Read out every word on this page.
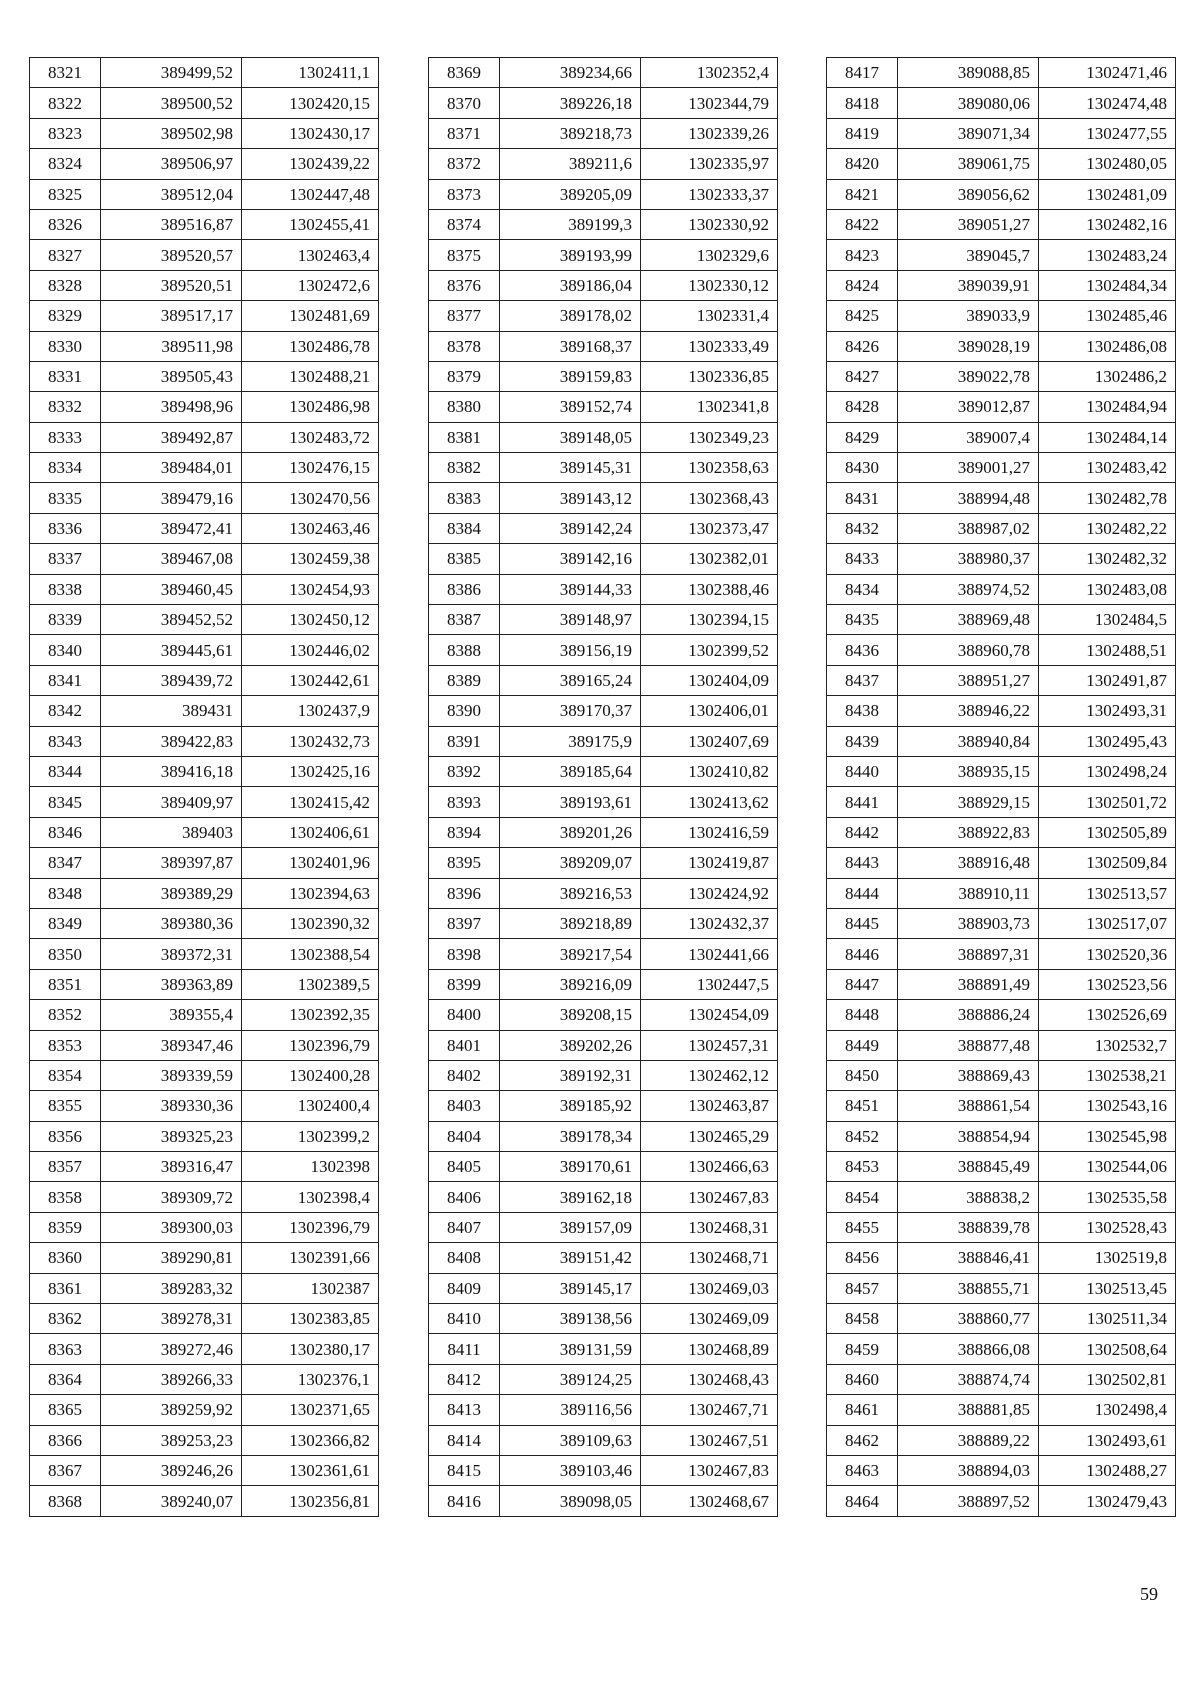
8321	389499,52	1302411,1
8322	389500,52	1302420,15
8323	389502,98	1302430,17
8324	389506,97	1302439,22
8325	389512,04	1302447,48
8326	389516,87	1302455,41
8327	389520,57	1302463,4
8328	389520,51	1302472,6
8329	389517,17	1302481,69
8330	389511,98	1302486,78
8331	389505,43	1302488,21
8332	389498,96	1302486,98
8333	389492,87	1302483,72
8334	389484,01	1302476,15
8335	389479,16	1302470,56
8336	389472,41	1302463,46
8337	389467,08	1302459,38
8338	389460,45	1302454,93
8339	389452,52	1302450,12
8340	389445,61	1302446,02
8341	389439,72	1302442,61
8342	389431	1302437,9
8343	389422,83	1302432,73
8344	389416,18	1302425,16
8345	389409,97	1302415,42
8346	389403	1302406,61
8347	389397,87	1302401,96
8348	389389,29	1302394,63
8349	389380,36	1302390,32
8350	389372,31	1302388,54
8351	389363,89	1302389,5
8352	389355,4	1302392,35
8353	389347,46	1302396,79
8354	389339,59	1302400,28
8355	389330,36	1302400,4
8356	389325,23	1302399,2
8357	389316,47	1302398
8358	389309,72	1302398,4
8359	389300,03	1302396,79
8360	389290,81	1302391,66
8361	389283,32	1302387
8362	389278,31	1302383,85
8363	389272,46	1302380,17
8364	389266,33	1302376,1
8365	389259,92	1302371,65
8366	389253,23	1302366,82
8367	389246,26	1302361,61
8368	389240,07	1302356,81
8369	389234,66	1302352,4
8370	389226,18	1302344,79
8371	389218,73	1302339,26
8372	389211,6	1302335,97
8373	389205,09	1302333,37
8374	389199,3	1302330,92
8375	389193,99	1302329,6
8376	389186,04	1302330,12
8377	389178,02	1302331,4
8378	389168,37	1302333,49
8379	389159,83	1302336,85
8380	389152,74	1302341,8
8381	389148,05	1302349,23
8382	389145,31	1302358,63
8383	389143,12	1302368,43
8384	389142,24	1302373,47
8385	389142,16	1302382,01
8386	389144,33	1302388,46
8387	389148,97	1302394,15
8388	389156,19	1302399,52
8389	389165,24	1302404,09
8390	389170,37	1302406,01
8391	389175,9	1302407,69
8392	389185,64	1302410,82
8393	389193,61	1302413,62
8394	389201,26	1302416,59
8395	389209,07	1302419,87
8396	389216,53	1302424,92
8397	389218,89	1302432,37
8398	389217,54	1302441,66
8399	389216,09	1302447,5
8400	389208,15	1302454,09
8401	389202,26	1302457,31
8402	389192,31	1302462,12
8403	389185,92	1302463,87
8404	389178,34	1302465,29
8405	389170,61	1302466,63
8406	389162,18	1302467,83
8407	389157,09	1302468,31
8408	389151,42	1302468,71
8409	389145,17	1302469,03
8410	389138,56	1302469,09
8411	389131,59	1302468,89
8412	389124,25	1302468,43
8413	389116,56	1302467,71
8414	389109,63	1302467,51
8415	389103,46	1302467,83
8416	389098,05	1302468,67
8417	389088,85	1302471,46
8418	389080,06	1302474,48
8419	389071,34	1302477,55
8420	389061,75	1302480,05
8421	389056,62	1302481,09
8422	389051,27	1302482,16
8423	389045,7	1302483,24
8424	389039,91	1302484,34
8425	389033,9	1302485,46
8426	389028,19	1302486,08
8427	389022,78	1302486,2
8428	389012,87	1302484,94
8429	389007,4	1302484,14
8430	389001,27	1302483,42
8431	388994,48	1302482,78
8432	388987,02	1302482,22
8433	388980,37	1302482,32
8434	388974,52	1302483,08
8435	388969,48	1302484,5
8436	388960,78	1302488,51
8437	388951,27	1302491,87
8438	388946,22	1302493,31
8439	388940,84	1302495,43
8440	388935,15	1302498,24
8441	388929,15	1302501,72
8442	388922,83	1302505,89
8443	388916,48	1302509,84
8444	388910,11	1302513,57
8445	388903,73	1302517,07
8446	388897,31	1302520,36
8447	388891,49	1302523,56
8448	388886,24	1302526,69
8449	388877,48	1302532,7
8450	388869,43	1302538,21
8451	388861,54	1302543,16
8452	388854,94	1302545,98
8453	388845,49	1302544,06
8454	388838,2	1302535,58
8455	388839,78	1302528,43
8456	388846,41	1302519,8
8457	388855,71	1302513,45
8458	388860,77	1302511,34
8459	388866,08	1302508,64
8460	388874,74	1302502,81
8461	388881,85	1302498,4
8462	388889,22	1302493,61
8463	388894,03	1302488,27
8464	388897,52	1302479,43
59
